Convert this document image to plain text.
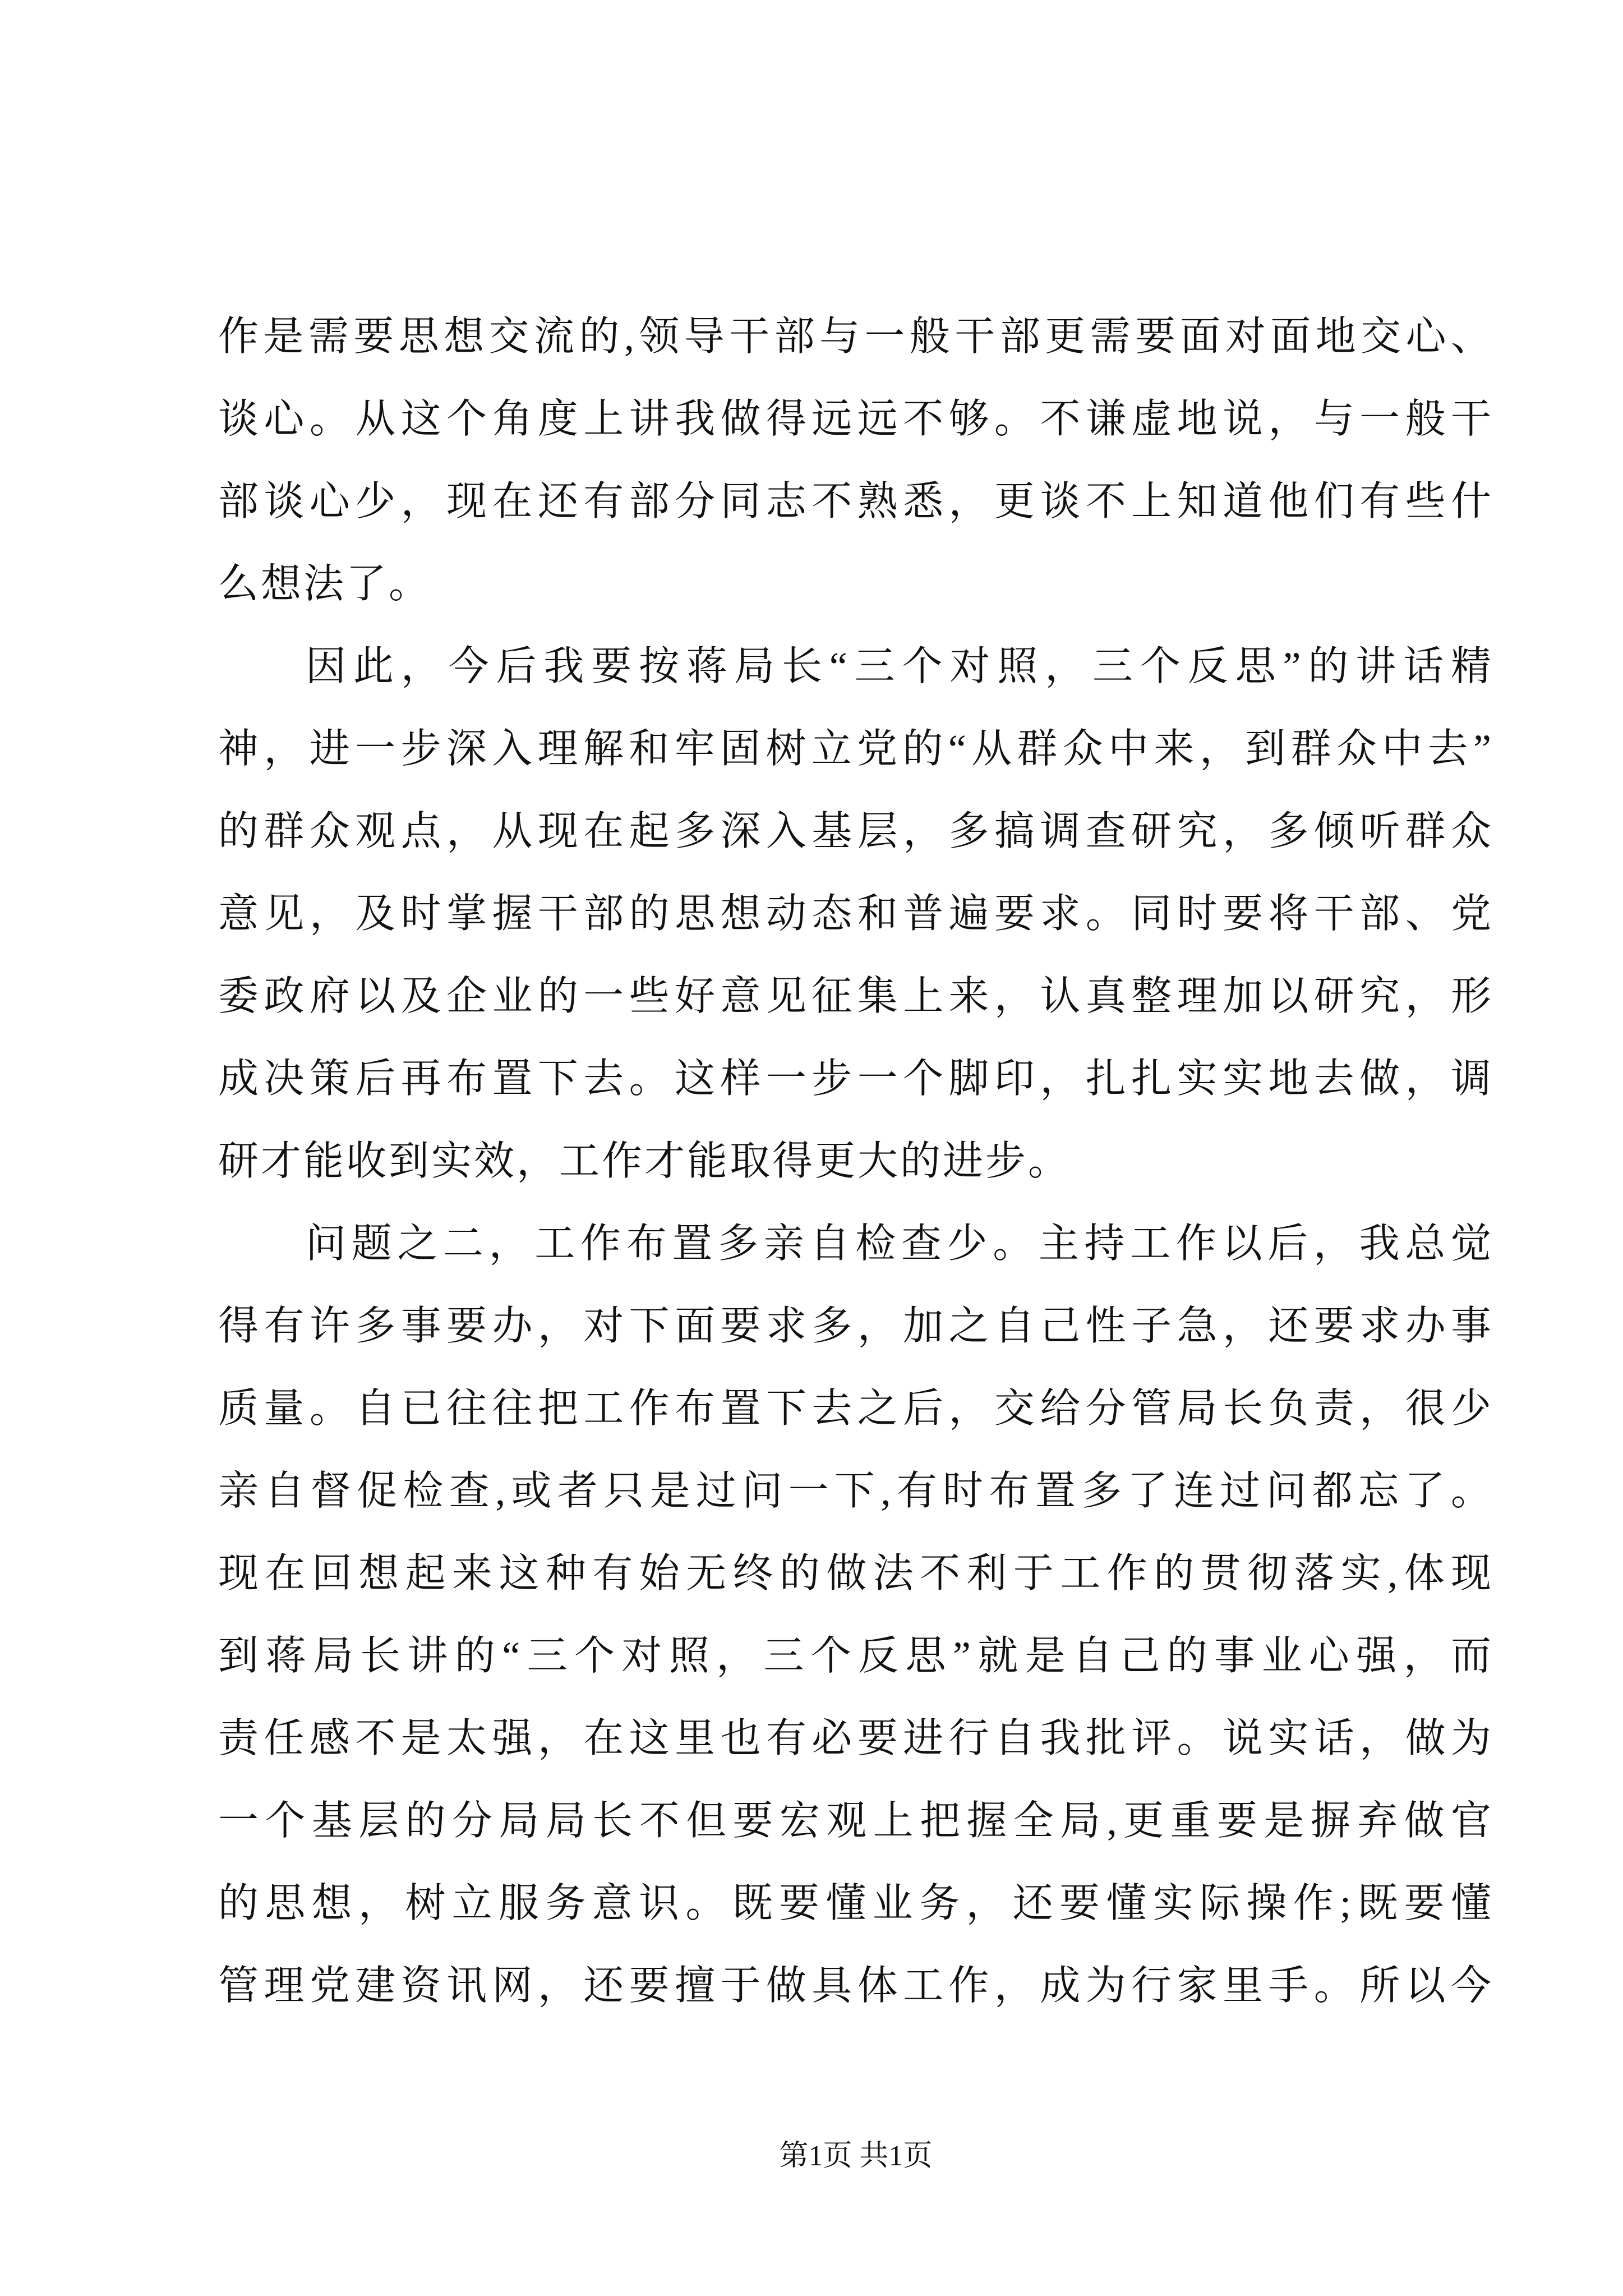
作是需要思想交流的,领导干部与一般干部更需要面对面地交心、
谈心。从这个角度上讲我做得远远不够。不谦虚地说，与一般干
部谈心少，现在还有部分同志不熟悉，更谈不上知道他们有些什
么想法了。
因此，今后我要按蒋局长“三个对照，三个反思”的讲话精
神，进一步深入理解和牢固树立党的“从群众中来，到群众中去”
的群众观点，从现在起多深入基层，多搞调查研究，多倾听群众
意见，及时掌握干部的思想动态和普遍要求。同时要将干部、党
委政府以及企业的一些好意见征集上来，认真整理加以研究，形
成决策后再布置下去。这样一步一个脚印，扎扎实实地去做，调
研才能收到实效，工作才能取得更大的进步。
问题之二，工作布置多亲自检查少。主持工作以后，我总觉
得有许多事要办，对下面要求多，加之自己性子急，还要求办事
质量。自已往往把工作布置下去之后，交给分管局长负责，很少
亲自督促检查,或者只是过问一下,有时布置多了连过问都忘了。
现在回想起来这种有始无终的做法不利于工作的贯彻落实,体现
到蒋局长讲的“三个对照，三个反思”就是自己的事业心强，而
责任感不是太强，在这里也有必要进行自我批评。说实话，做为
一个基层的分局局长不但要宏观上把握全局,更重要是摒弃做官
的思想，树立服务意识。既要懂业务，还要懂实际操作;既要懂
管理党建资讯网，还要擅于做具体工作，成为行家里手。所以今
第1页 共1页
